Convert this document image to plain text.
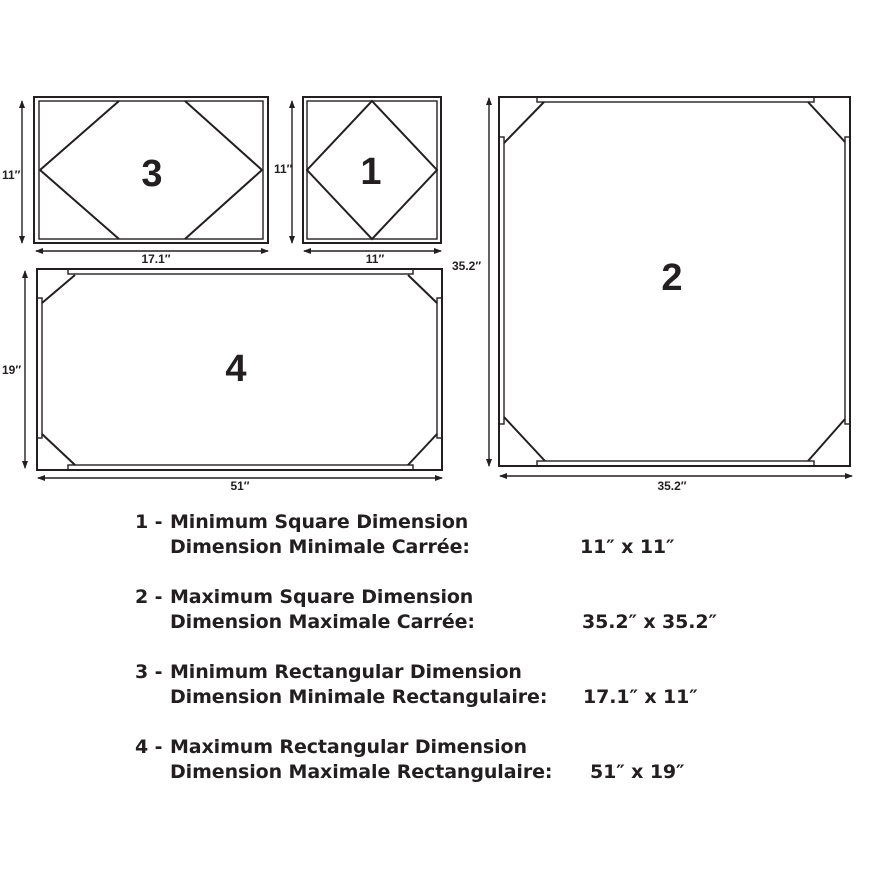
3
11″
17.1″
1
11″
11″
4
19″
51″
2
35.2″
35.2″
1 - Minimum Square Dimension
Dimension Minimale Carrée:	11″ x 11″
2 - Maximum Square Dimension
Dimension Maximale Carrée:	35.2″ x 35.2″
3 - Minimum Rectangular Dimension
Dimension Minimale Rectangulaire: 17.1″ x 11″
4 - Maximum Rectangular Dimension
Dimension Maximale Rectangulaire: 51″ x 19″
